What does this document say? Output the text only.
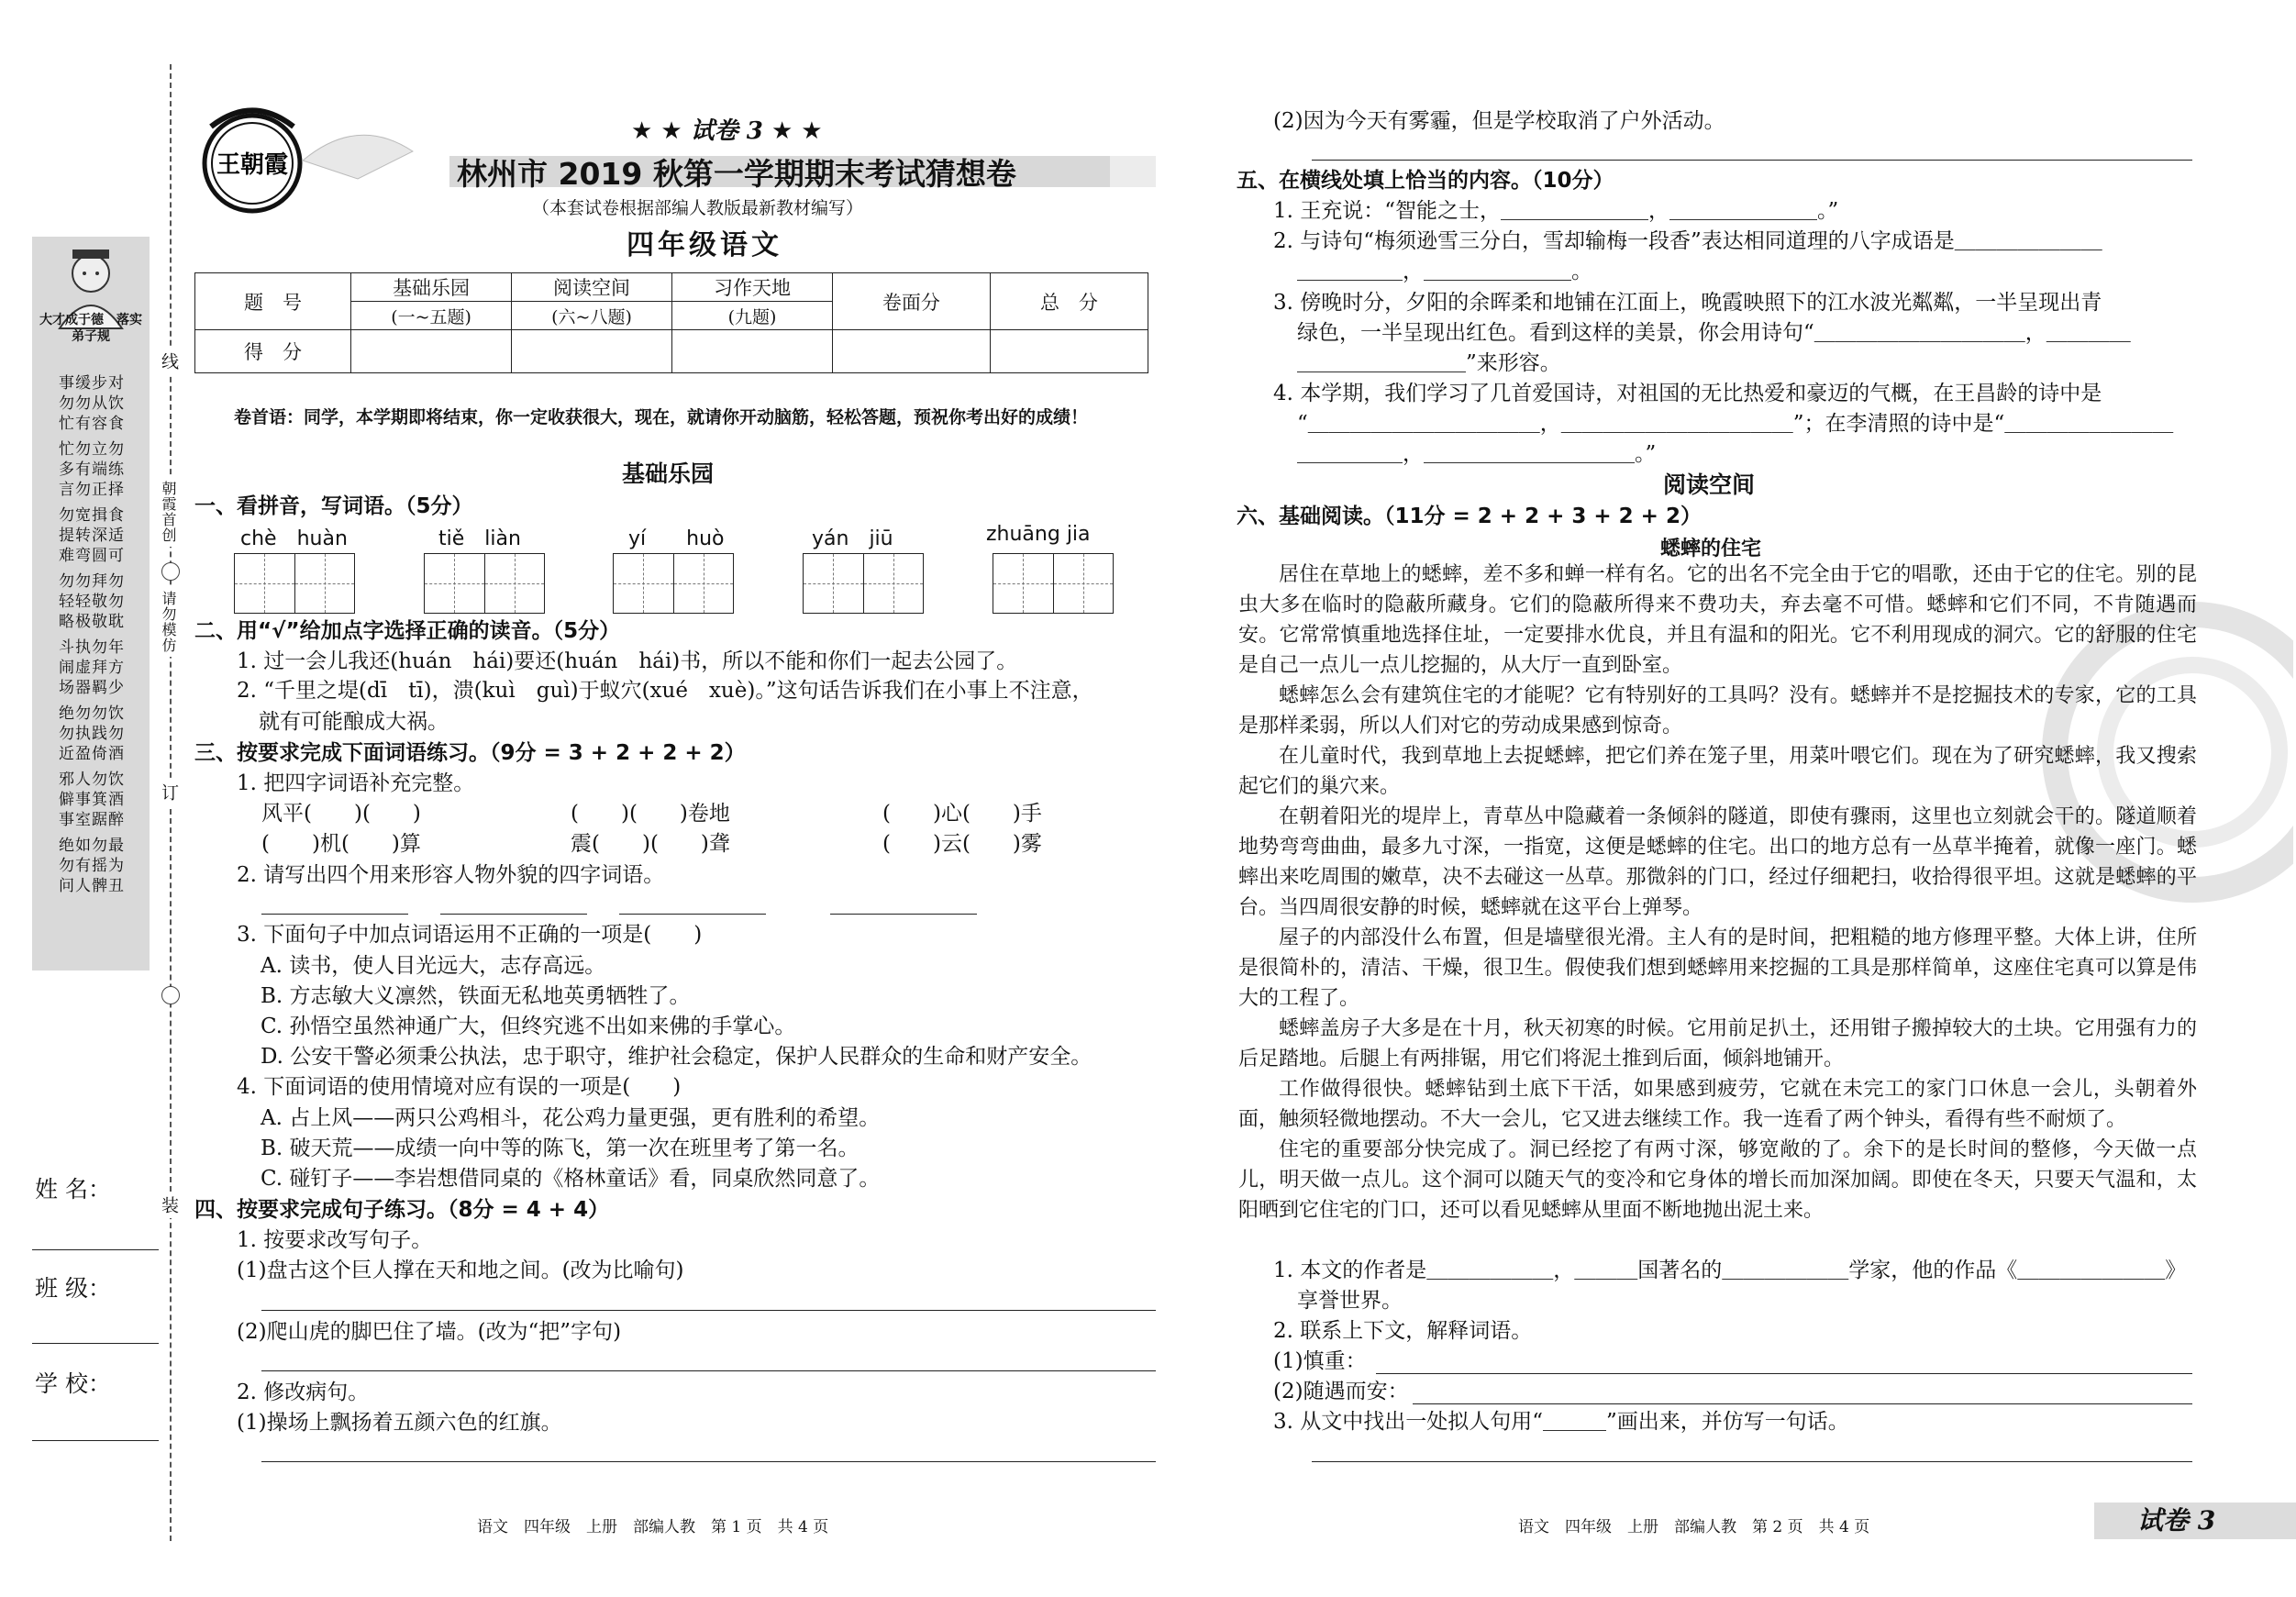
线
朝霞首创
请勿模仿
订
装
大才成于德　落实弟子规
事缓步对
勿勿从饮
忙有容食
忙勿立勿
多有端练
言勿正择
勿宽揖食
提转深适
难弯圆可
勿勿拜勿
轻轻敬勿
略极敬耽
斗执勿年
闹虚拜方
场器羁少
绝勿勿饮
勿执践勿
近盈倚酒
邪人勿饮
僻事箕酒
事室踞醉
绝如勿最
勿有摇为
问人髀丑
姓 名：
班 级：
学 校：
王朝霞
★ ★ 试卷 3 ★ ★
林州市 2019 秋第一学期期末考试猜想卷
（本套试卷根据部编人教版最新教材编写）
四年级语文
题　号	基础乐园	阅读空间	习作天地	卷面分	总　分
	(一~五题)	(六~八题)	(九题)		
得　分					
卷首语：同学，本学期即将结束，你一定收获很大，现在，就请你开动脑筋，轻松答题，预祝你考出好的成绩！
基础乐园
一、看拼音，写词语。（5分）
chè　huàn	tiě　liàn	yí　　huò	yán　jiū	zhuāng jia
二、用“√”给加点字选择正确的读音。（5分）
1. 过一会儿我还(huán　hái)要还(huán　hái)书，所以不能和你们一起去公园了。
2. “千里之堤(dī　tī)，溃(kuì　guì)于蚁穴(xué　xuè)。”这句话告诉我们在小事上不注意，
就有可能酿成大祸。
三、按要求完成下面词语练习。（9分 = 3 + 2 + 2 + 2）
1. 把四字词语补充完整。
风平(　　)(　　)	(　　)(　　)卷地	(　　)心(　　)手
(　　)机(　　)算	震(　　)(　　)聋	(　　)云(　　)雾
2. 请写出四个用来形容人物外貌的四字词语。
3. 下面句子中加点词语运用不正确的一项是(　　)
A. 读书，使人目光远大，志存高远。
B. 方志敏大义凛然，铁面无私地英勇牺牲了。
C. 孙悟空虽然神通广大，但终究逃不出如来佛的手掌心。
D. 公安干警必须秉公执法，忠于职守，维护社会稳定，保护人民群众的生命和财产安全。
4. 下面词语的使用情境对应有误的一项是(　　)
A. 占上风——两只公鸡相斗，花公鸡力量更强，更有胜利的希望。
B. 破天荒——成绩一向中等的陈飞，第一次在班里考了第一名。
C. 碰钉子——李岩想借同桌的《格林童话》看，同桌欣然同意了。
四、按要求完成句子练习。（8分 = 4 + 4）
1. 按要求改写句子。
(1)盘古这个巨人撑在天和地之间。(改为比喻句)
(2)爬山虎的脚巴住了墙。(改为“把”字句)
2. 修改病句。
(1)操场上飘扬着五颜六色的红旗。
语文　四年级　上册　部编人教　第 1 页　共 4 页
(2)因为今天有雾霾，但是学校取消了户外活动。
五、在横线处填上恰当的内容。（10分）
1. 王充说：“智能之士，＿＿＿＿＿＿＿，＿＿＿＿＿＿＿。”
2. 与诗句“梅须逊雪三分白，雪却输梅一段香”表达相同道理的八字成语是＿＿＿＿＿＿＿
＿＿＿＿＿，＿＿＿＿＿＿＿。
3. 傍晚时分，夕阳的余晖柔和地铺在江面上，晚霞映照下的江水波光粼粼，一半呈现出青
绿色，一半呈现出红色。看到这样的美景，你会用诗句“＿＿＿＿＿＿＿＿＿＿，＿＿＿＿
＿＿＿＿＿＿＿＿”来形容。
4. 本学期，我们学习了几首爱国诗，对祖国的无比热爱和豪迈的气概，在王昌龄的诗中是
“＿＿＿＿＿＿＿＿＿＿＿，＿＿＿＿＿＿＿＿＿＿＿”；在李清照的诗中是“＿＿＿＿＿＿＿＿
＿＿＿＿＿，＿＿＿＿＿＿＿＿＿＿。”
阅读空间
六、基础阅读。（11分 = 2 + 2 + 3 + 2 + 2）
蟋蟀的住宅

居住在草地上的蟋蟀，差不多和蝉一样有名。它的出名不完全由于它的唱歌，还由于它的住宅。别的昆虫大多在临时的隐蔽所藏身。它们的隐蔽所得来不费功夫，弃去毫不可惜。蟋蟀和它们不同，不肯随遇而安。它常常慎重地选择住址，一定要排水优良，并且有温和的阳光。它不利用现成的洞穴。它的舒服的住宅是自己一点儿一点儿挖掘的，从大厅一直到卧室。

蟋蟀怎么会有建筑住宅的才能呢？它有特别好的工具吗？没有。蟋蟀并不是挖掘技术的专家，它的工具是那样柔弱，所以人们对它的劳动成果感到惊奇。

在儿童时代，我到草地上去捉蟋蟀，把它们养在笼子里，用菜叶喂它们。现在为了研究蟋蟀，我又搜索起它们的巢穴来。

在朝着阳光的堤岸上，青草丛中隐藏着一条倾斜的隧道，即使有骤雨，这里也立刻就会干的。隧道顺着地势弯弯曲曲，最多九寸深，一指宽，这便是蟋蟀的住宅。出口的地方总有一丛草半掩着，就像一座门。蟋蟀出来吃周围的嫩草，决不去碰这一丛草。那微斜的门口，经过仔细耙扫，收拾得很平坦。这就是蟋蟀的平台。当四周很安静的时候，蟋蟀就在这平台上弹琴。

屋子的内部没什么布置，但是墙壁很光滑。主人有的是时间，把粗糙的地方修理平整。大体上讲，住所是很简朴的，清洁、干燥，很卫生。假使我们想到蟋蟀用来挖掘的工具是那样简单，这座住宅真可以算是伟大的工程了。

蟋蟀盖房子大多是在十月，秋天初寒的时候。它用前足扒土，还用钳子搬掉较大的土块。它用强有力的后足踏地。后腿上有两排锯，用它们将泥土推到后面，倾斜地铺开。

工作做得很快。蟋蟀钻到土底下干活，如果感到疲劳，它就在未完工的家门口休息一会儿，头朝着外面，触须轻微地摆动。不大一会儿，它又进去继续工作。我一连看了两个钟头，看得有些不耐烦了。

住宅的重要部分快完成了。洞已经挖了有两寸深，够宽敞的了。余下的是长时间的整修，今天做一点儿，明天做一点儿。这个洞可以随天气的变冷和它身体的增长而加深加阔。即使在冬天，只要天气温和，太阳晒到它住宅的门口，还可以看见蟋蟀从里面不断地抛出泥土来。

1. 本文的作者是＿＿＿＿＿＿，＿＿＿国著名的＿＿＿＿＿＿学家，他的作品《＿＿＿＿＿＿＿》
享誉世界。
2. 联系上下文，解释词语。
(1)慎重：
(2)随遇而安：
3. 从文中找出一处拟人句用“＿＿＿”画出来，并仿写一句话。
语文　四年级　上册　部编人教　第 2 页　共 4 页	试卷 3
